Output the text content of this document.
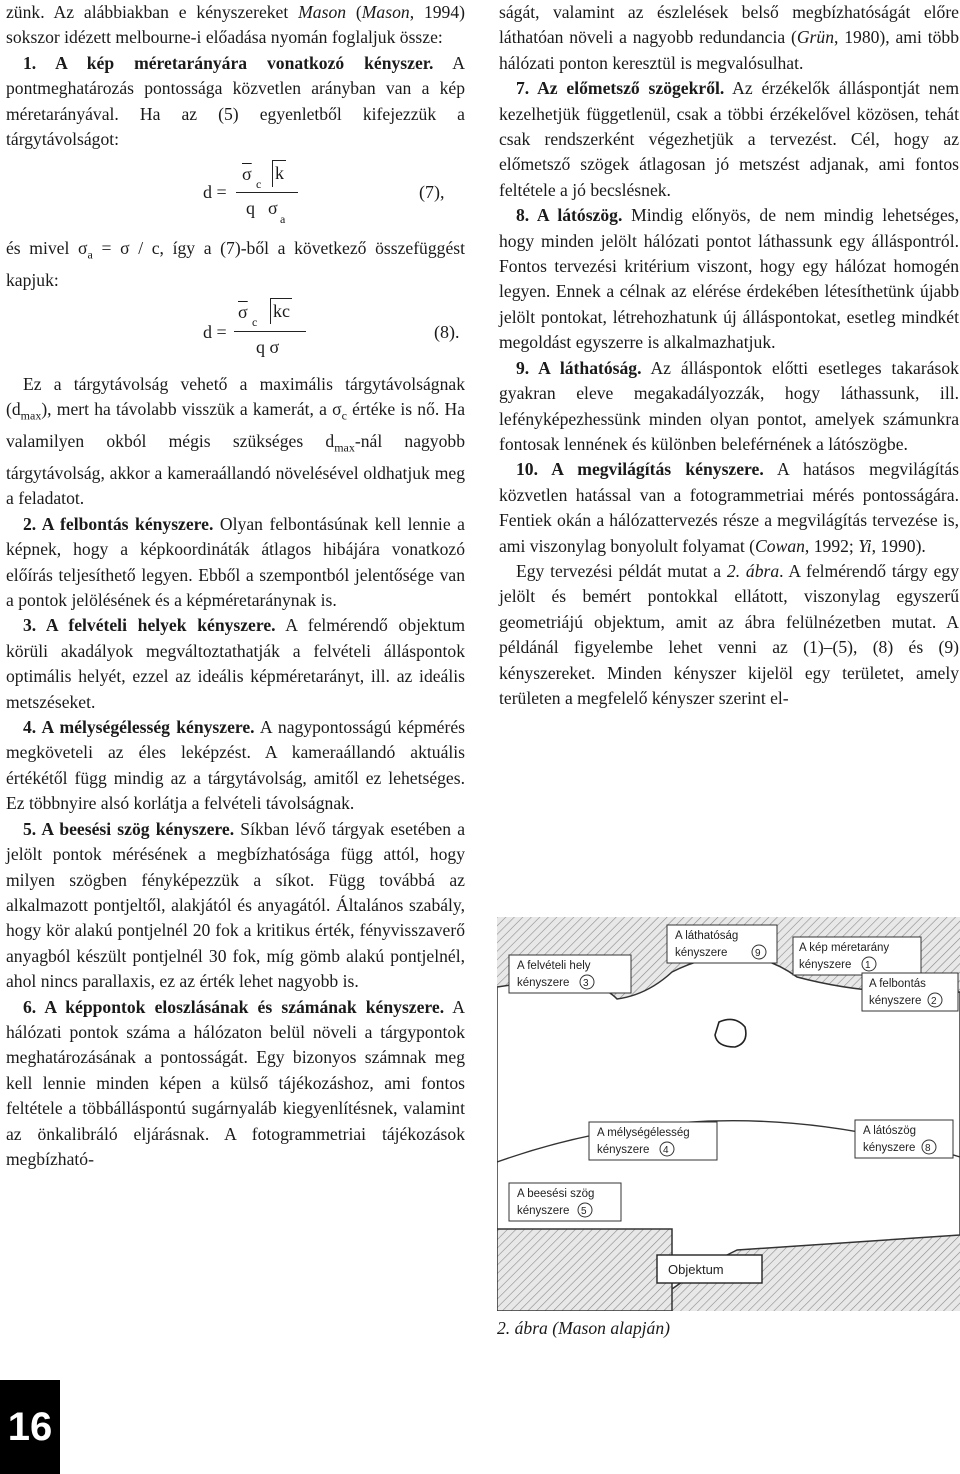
zünk. Az alábbiakban e kényszereket Mason (Mason, 1994) sokszor idézett melbourne-i előadása nyomán foglaljuk össze:

1. A kép méretarányára vonatkozó kényszer. A pontmeghatározás pontossága közvetlen arányban van a kép méretarányával. Ha az (5) egyenletből kifejezzük a tárgytávolságot:

d =
$\overline{\sigma}$ c
k
q σ
a
(7),

és mivel $\sigma_a = \sigma / c$, így a (7)-ből a következő összefüggést kapjuk:

d =
$\overline{\sigma}$ c
kc
q σ
(8).

Ez a tárgytávolság vehető a maximális tárgytávolságnak $(d_{max})$, mert ha távolabb visszük a kamerát, a $\sigma_c$ értéke is nő. Ha valamilyen okból mégis szükséges $d_{max}$-nál nagyobb tárgytávolság, akkor a kameraállandó növelésével oldhatjuk meg a feladatot.

2. A felbontás kényszere. Olyan felbontásúnak kell lennie a képnek, hogy a képkoordináták átlagos hibájára vonatkozó előírás teljesíthető legyen. Ebből a szempontból jelentősége van a pontok jelölésének és a képméretaránynak is.

3. A felvételi helyek kényszere. A felmérendő objektum körüli akadályok megváltoztathatják a felvételi álláspontok optimális helyét, ezzel az ideális képméretarányt, ill. az ideális metszéseket.

4. A mélységélesség kényszere. A nagypontosságú képmérés megköveteli az éles leképzést. A kameraállandó aktuális értékétől függ mindig az a tárgytávolság, amitől ez lehetséges. Ez többnyire alsó korlátja a felvételi távolságnak.

5. A beesési szög kényszere. Síkban lévő tárgyak esetében a jelölt pontok mérésének a megbízhatósága függ attól, hogy milyen szögben fényképezzük a síkot. Függ továbbá az alkalmazott pontjeltől, alakjától és anyagától. Általános szabály, hogy kör alakú pontjelnél 20 fok a kritikus érték, fényvisszaverő anyagból készült pontjelnél 30 fok, míg gömb alakú pontjelnél, ahol nincs parallaxis, ez az érték lehet nagyobb is.

6. A képpontok eloszlásának és számának kényszere. A hálózati pontok száma a hálózaton belül növeli a tárgypontok meghatározásának a pontosságát. Egy bizonyos számnak meg kell lennie minden képen a külső tájékozáshoz, ami fontos feltétele a többálláspontú sugárnyaláb kiegyenlítésnek, valamint az önkalibráló eljárásnak. A fotogrammetriai tájékozások megbízható-

ságát, valamint az észlelések belső megbízhatóságát előre láthatóan növeli a nagyobb redundancia (Grün, 1980), ami több hálózati ponton keresztül is megvalósulhat.

7. Az előmetsző szögekről. Az érzékelők álláspontját nem kezelhetjük függetlenül, csak a többi érzékelővel közösen, tehát csak rendszerként végezhetjük a tervezést. Cél, hogy az előmetsző szögek átlagosan jó metszést adjanak, ami fontos feltétele a jó becslésnek.

8. A látószög. Mindig előnyös, de nem mindig lehetséges, hogy minden jelölt hálózati pontot láthassunk egy álláspontról. Fontos tervezési kritérium viszont, hogy egy hálózat homogén legyen. Ennek a célnak az elérése érdekében létesíthetünk újabb jelölt pontokat, létrehozhatunk új álláspontokat, esetleg mindkét megoldást egyszerre is alkalmazhatjuk.

9. A láthatóság. Az álláspontok előtti esetleges takarások gyakran eleve megakadályozzák, hogy láthassunk, ill. lefényképezhessünk minden olyan pontot, amelyek számunkra fontosak lennének és különben beleférnének a látószögbe.

10. A megvilágítás kényszere. A hatásos megvilágítás közvetlen hatással van a fotogrammetriai mérés pontosságára. Fentiek okán a hálózattervezés része a megvilágítás tervezése is, ami viszonylag bonyolult folyamat (Cowan, 1992; Yi, 1990).

Egy tervezési példát mutat a 2. ábra. A felmérendő tárgy egy jelölt és bemért pontokkal ellátott, viszonylag egyszerű geometriájú objektum, amit az ábra felülnézetben mutat. A példánál figyelembe lehet venni az (1)–(5), (8) és (9) kényszereket. Minden kényszer kijelöl egy területet, amely területen a megfelelő kényszer szerint el-

Objektum
A láthatóság
kényszere	9	A kép méretarány
kényszere 1
A felvételi hely
kényszere 3	A felbontás
kényszere 2
A mélységélesség
kényszere 4
A látószög
kényszere 8
A beesési szög
kényszere 5
2. ábra (Mason alapján)
16
